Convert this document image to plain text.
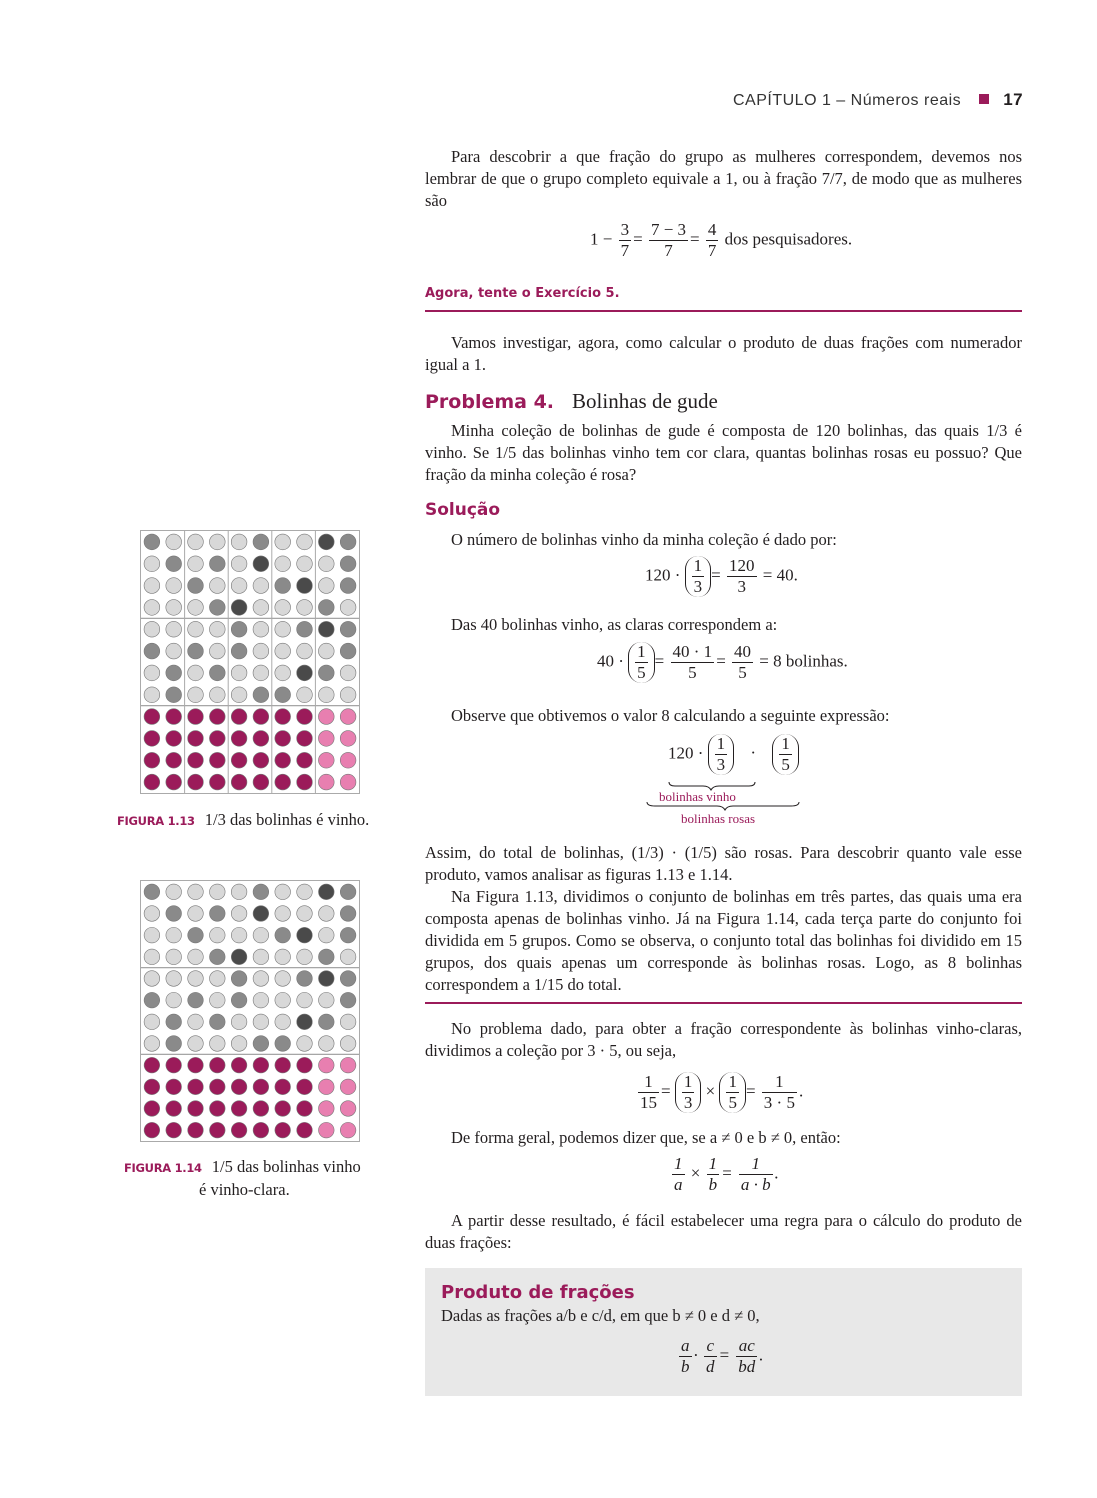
CAPÍTULO 1 – Números reais 17

Para descobrir a que fração do grupo as mulheres correspondem, devemos nos lembrar de que o grupo completo equivale a 1, ou à fração 7/7, de modo que as mulheres são

$1 - \frac{3}{7} = \frac{7 - 3}{7} = \frac{4}{7}$ dos pesquisadores.
Agora, tente o Exercício 5.

Vamos investigar, agora, como calcular o produto de duas frações com numerador igual a 1.

Problema 4. Bolinhas de gude

Minha coleção de bolinhas de gude é composta de 120 bolinhas, das quais 1/3 é vinho. Se 1/5 das bolinhas vinho tem cor clara, quantas bolinhas rosas eu possuo? Que fração da minha coleção é rosa?

Solução

O número de bolinhas vinho da minha coleção é dado por:

$120 \cdot \frac{1}{3} = \frac{120}{3} = 40$.

Das 40 bolinhas vinho, as claras correspondem a:

$40 \cdot \frac{1}{5} = \frac{40 \cdot 1}{5} = \frac{40}{5} = 8$ bolinhas.

Observe que obtivemos o valor 8 calculando a seguinte expressão:

$120 \cdot \frac{1}{3} \cdot \frac{1}{5}$
bolinhas vinho
bolinhas rosas

Assim, do total de bolinhas, (1/3) · (1/5) são rosas. Para descobrir quanto vale esse produto, vamos analisar as figuras 1.13 e 1.14.

Na Figura 1.13, dividimos o conjunto de bolinhas em três partes, das quais uma era composta apenas de bolinhas vinho. Já na Figura 1.14, cada terça parte do conjunto foi dividida em 5 grupos. Como se observa, o conjunto total das bolinhas foi dividido em 15 grupos, dos quais apenas um corresponde às bolinhas rosas. Logo, as 8 bolinhas correspondem a 1/15 do total.

No problema dado, para obter a fração correspondente às bolinhas vinho-claras, dividimos a coleção por 3 · 5, ou seja,

$\frac{1}{15} = \frac{1}{3} \times \frac{1}{5} = \frac{1}{3 \cdot 5}$ .

De forma geral, podemos dizer que, se a ≠ 0 e b ≠ 0, então:

$\frac{1}{a} \times \frac{1}{b} = \frac{1}{a \cdot b}$ .

A partir desse resultado, é fácil estabelecer uma regra para o cálculo do produto de duas frações:

Produto de frações
Dadas as frações a/b e c/d, em que b ≠ 0 e d ≠ 0,
$\frac{a}{b} \cdot \frac{c}{d} = \frac{ac}{bd}$ .
FIGURA 1.13 1/3 das bolinhas é vinho.
FIGURA 1.14 1/5 das bolinhas vinho
é vinho-clara.
